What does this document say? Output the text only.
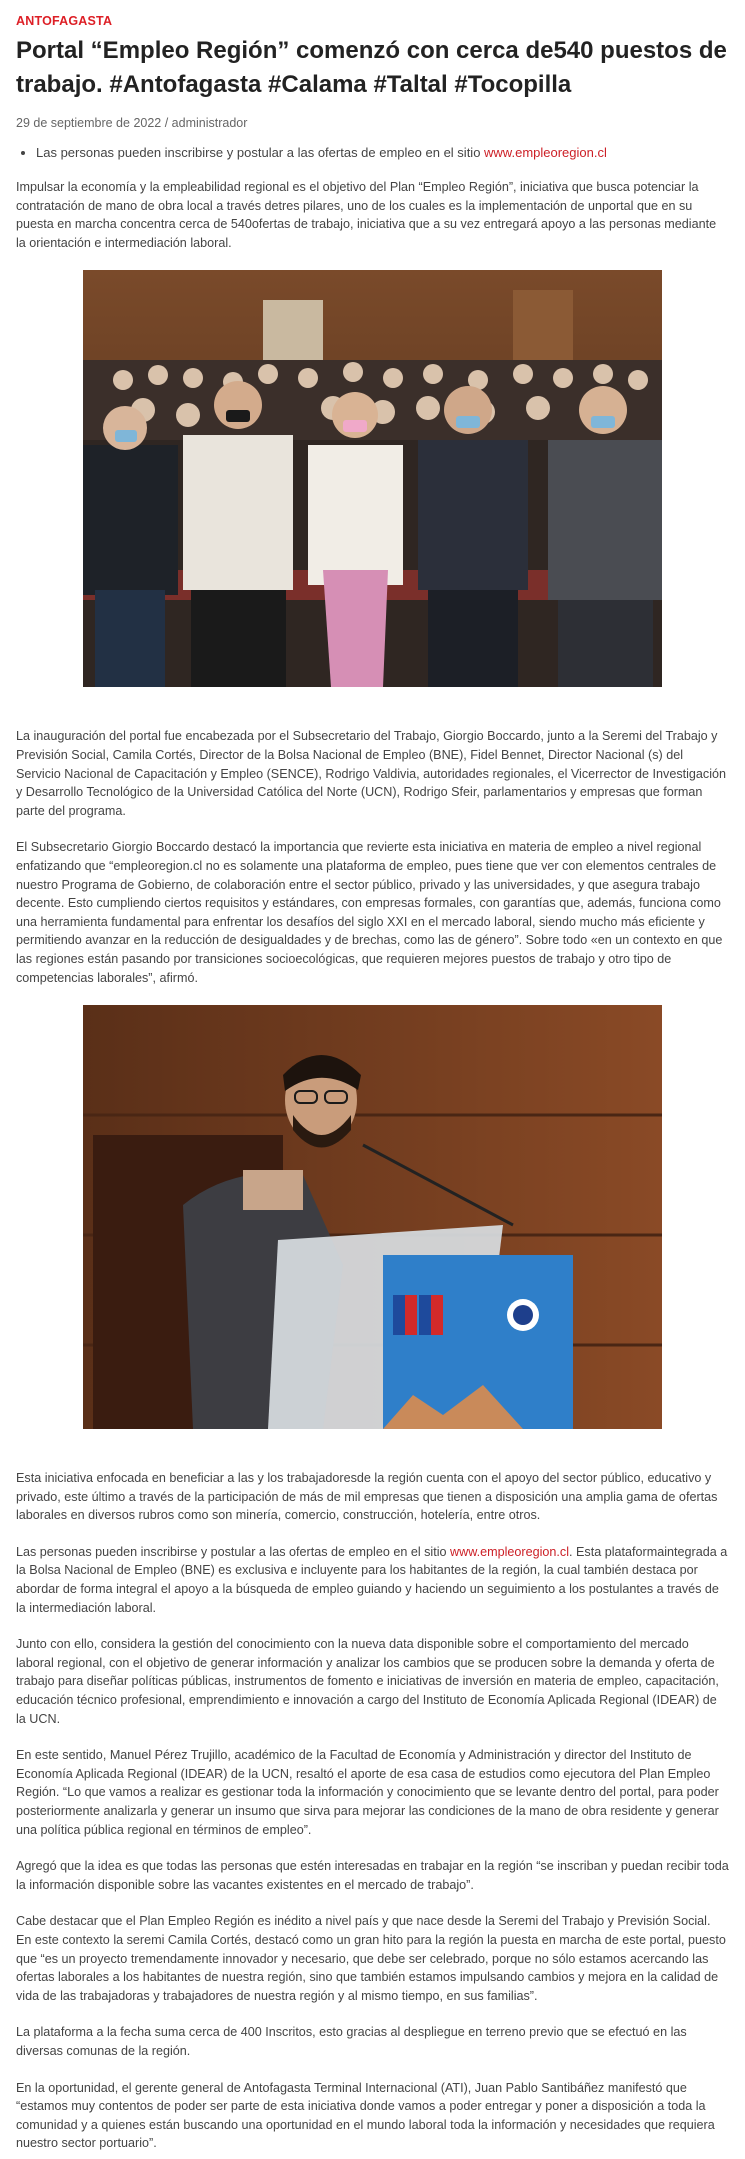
ANTOFAGASTA
Portal “Empleo Región” comenzó con cerca de540 puestos de trabajo. #Antofagasta #Calama #Taltal #Tocopilla
29 de septiembre de 2022 / administrador
• Las personas pueden inscribirse y postular a las ofertas de empleo en el sitio www.empleoregion.cl

Impulsar la economía y la empleabilidad regional es el objetivo del Plan “Empleo Región”, iniciativa que busca potenciar la contratación de mano de obra local a través detres pilares, uno de los cuales es la implementación de unportal que en su puesta en marcha concentra cerca de 540ofertas de trabajo, iniciativa que a su vez entregará apoyo a las personas mediante la orientación e intermediación laboral.

La inauguración del portal fue encabezada por el Subsecretario del Trabajo, Giorgio Boccardo, junto a la Seremi del Trabajo y Previsión Social, Camila Cortés, Director de la Bolsa Nacional de Empleo (BNE), Fidel Bennet, Director Nacional (s) del Servicio Nacional de Capacitación y Empleo (SENCE), Rodrigo Valdivia, autoridades regionales, el Vicerrector de Investigación y Desarrollo Tecnológico de la Universidad Católica del Norte (UCN), Rodrigo Sfeir, parlamentarios y empresas que forman parte del programa.

El Subsecretario Giorgio Boccardo destacó la importancia que revierte esta iniciativa en materia de empleo a nivel regional enfatizando que “empleoregion.cl no es solamente una plataforma de empleo, pues tiene que ver con elementos centrales de nuestro Programa de Gobierno, de colaboración entre el sector público, privado y las universidades, y que asegura trabajo decente. Esto cumpliendo ciertos requisitos y estándares, con empresas formales, con garantías que, además, funciona como una herramienta fundamental para enfrentar los desafíos del siglo XXI en el mercado laboral, siendo mucho más eficiente y permitiendo avanzar en la reducción de desigualdades y de brechas, como las de género”. Sobre todo «en un contexto en que las regiones están pasando por transiciones socioecológicas, que requieren mejores puestos de trabajo y otro tipo de competencias laborales”, afirmó.

Esta iniciativa enfocada en beneficiar a las y los trabajadoresde la región cuenta con el apoyo del sector público, educativo y privado, este último a través de la participación de más de mil empresas que tienen a disposición una amplia gama de ofertas laborales en diversos rubros como son minería, comercio, construcción, hotelería, entre otros.

Las personas pueden inscribirse y postular a las ofertas de empleo en el sitio www.empleoregion.cl. Esta plataformaintegrada a la Bolsa Nacional de Empleo (BNE) es exclusiva e incluyente para los habitantes de la región, la cual también destaca por abordar de forma integral el apoyo a la búsqueda de empleo guiando y haciendo un seguimiento a los postulantes a través de la intermediación laboral.

Junto con ello, considera la gestión del conocimiento con la nueva data disponible sobre el comportamiento del mercado laboral regional, con el objetivo de generar información y analizar los cambios que se producen sobre la demanda y oferta de trabajo para diseñar políticas públicas, instrumentos de fomento e iniciativas de inversión en materia de empleo, capacitación, educación técnico profesional, emprendimiento e innovación a cargo del Instituto de Economía Aplicada Regional (IDEAR) de la UCN.

En este sentido, Manuel Pérez Trujillo, académico de la Facultad de Economía y Administración y director del Instituto de Economía Aplicada Regional (IDEAR) de la UCN, resaltó el aporte de esa casa de estudios como ejecutora del Plan Empleo Región. “Lo que vamos a realizar es gestionar toda la información y conocimiento que se levante dentro del portal, para poder posteriormente analizarla y generar un insumo que sirva para mejorar las condiciones de la mano de obra residente y generar una política pública regional en términos de empleo”.

Agregó que la idea es que todas las personas que estén interesadas en trabajar en la región “se inscriban y puedan recibir toda la información disponible sobre las vacantes existentes en el mercado de trabajo”.

Cabe destacar que el Plan Empleo Región es inédito a nivel país y que nace desde la Seremi del Trabajo y Previsión Social. En este contexto la seremi Camila Cortés, destacó como un gran hito para la región la puesta en marcha de este portal, puesto que “es un proyecto tremendamente innovador y necesario, que debe ser celebrado, porque no sólo estamos acercando las ofertas laborales a los habitantes de nuestra región, sino que también estamos impulsando cambios y mejora en la calidad de vida de las trabajadoras y trabajadores de nuestra región y al mismo tiempo, en sus familias”.

La plataforma a la fecha suma cerca de 400 Inscritos, esto gracias al despliegue en terreno previo que se efectuó en las diversas comunas de la región.

En la oportunidad, el gerente general de Antofagasta Terminal Internacional (ATI), Juan Pablo Santibáñez manifestó que “estamos muy contentos de poder ser parte de esta iniciativa donde vamos a poder entregar y poner a disposición a toda la comunidad y a quienes están buscando una oportunidad en el mundo laboral toda la información y necesidades que requiera nuestro sector portuario”.
